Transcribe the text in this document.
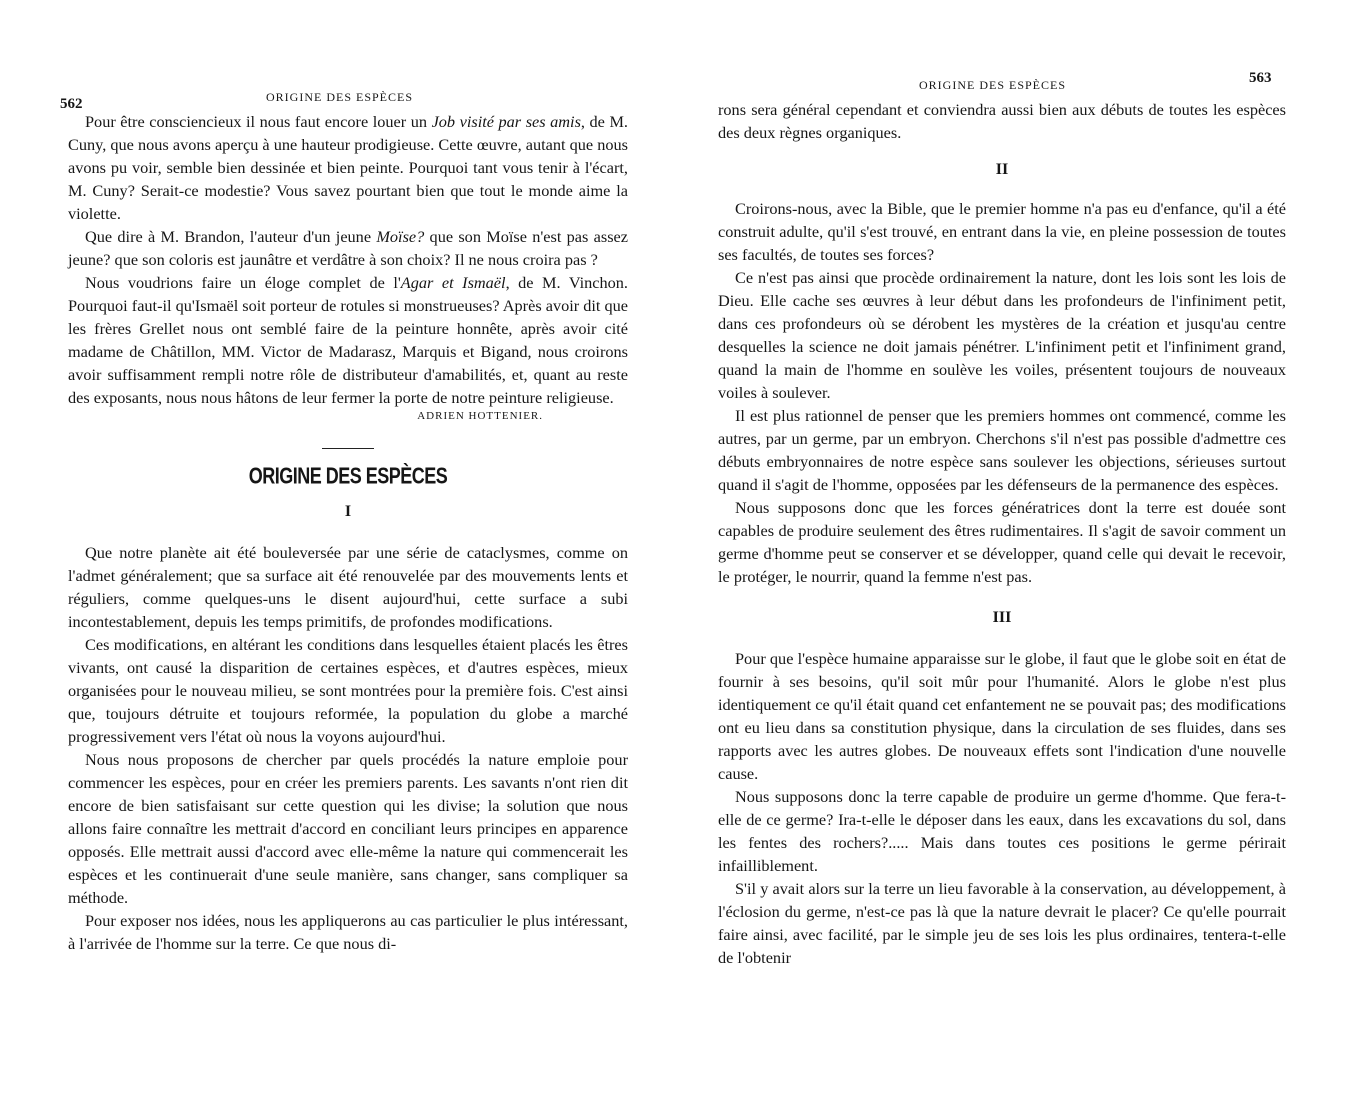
562	ORIGINE DES ESPÈCES

Pour être consciencieux il nous faut encore louer un Job visité par ses amis, de M. Cuny, que nous avons aperçu à une hauteur prodigieuse. Cette œuvre, autant que nous avons pu voir, semble bien dessinée et bien peinte. Pourquoi tant vous tenir à l'écart, M. Cuny? Serait-ce modestie? Vous savez pourtant bien que tout le monde aime la violette.

Que dire à M. Brandon, l'auteur d'un jeune Moïse? que son Moïse n'est pas assez jeune? que son coloris est jaunâtre et verdâtre à son choix? Il ne nous croira pas ?

Nous voudrions faire un éloge complet de l'Agar et Ismaël, de M. Vinchon. Pourquoi faut-il qu'Ismaël soit porteur de rotules si monstrueuses? Après avoir dit que les frères Grellet nous ont semblé faire de la peinture honnête, après avoir cité madame de Châtillon, MM. Victor de Madarasz, Marquis et Bigand, nous croirons avoir suffisamment rempli notre rôle de distributeur d'amabilités, et, quant au reste des exposants, nous nous hâtons de leur fermer la porte de notre peinture religieuse.

ADRIEN HOTTENIER.
ORIGINE DES ESPÈCES
I

Que notre planète ait été bouleversée par une série de cataclysmes, comme on l'admet généralement; que sa surface ait été renouvelée par des mouvements lents et réguliers, comme quelques-uns le disent aujourd'hui, cette surface a subi incontestablement, depuis les temps primitifs, de profondes modifications.

Ces modifications, en altérant les conditions dans lesquelles étaient placés les êtres vivants, ont causé la disparition de certaines espèces, et d'autres espèces, mieux organisées pour le nouveau milieu, se sont montrées pour la première fois. C'est ainsi que, toujours détruite et toujours reformée, la population du globe a marché progressivement vers l'état où nous la voyons aujourd'hui.

Nous nous proposons de chercher par quels procédés la nature emploie pour commencer les espèces, pour en créer les premiers parents. Les savants n'ont rien dit encore de bien satisfaisant sur cette question qui les divise; la solution que nous allons faire connaître les mettrait d'accord en conciliant leurs principes en apparence opposés. Elle mettrait aussi d'accord avec elle-même la nature qui commencerait les espèces et les continuerait d'une seule manière, sans changer, sans compliquer sa méthode.

Pour exposer nos idées, nous les appliquerons au cas particulier le plus intéressant, à l'arrivée de l'homme sur la terre. Ce que nous di-

ORIGINE DES ESPÈCES	563

rons sera général cependant et conviendra aussi bien aux débuts de toutes les espèces des deux règnes organiques.

II

Croirons-nous, avec la Bible, que le premier homme n'a pas eu d'enfance, qu'il a été construit adulte, qu'il s'est trouvé, en entrant dans la vie, en pleine possession de toutes ses facultés, de toutes ses forces?

Ce n'est pas ainsi que procède ordinairement la nature, dont les lois sont les lois de Dieu. Elle cache ses œuvres à leur début dans les profondeurs de l'infiniment petit, dans ces profondeurs où se dérobent les mystères de la création et jusqu'au centre desquelles la science ne doit jamais pénétrer. L'infiniment petit et l'infiniment grand, quand la main de l'homme en soulève les voiles, présentent toujours de nouveaux voiles à soulever.

Il est plus rationnel de penser que les premiers hommes ont commencé, comme les autres, par un germe, par un embryon. Cherchons s'il n'est pas possible d'admettre ces débuts embryonnaires de notre espèce sans soulever les objections, sérieuses surtout quand il s'agit de l'homme, opposées par les défenseurs de la permanence des espèces.

Nous supposons donc que les forces génératrices dont la terre est douée sont capables de produire seulement des êtres rudimentaires. Il s'agit de savoir comment un germe d'homme peut se conserver et se développer, quand celle qui devait le recevoir, le protéger, le nourrir, quand la femme n'est pas.

III

Pour que l'espèce humaine apparaisse sur le globe, il faut que le globe soit en état de fournir à ses besoins, qu'il soit mûr pour l'humanité. Alors le globe n'est plus identiquement ce qu'il était quand cet enfantement ne se pouvait pas; des modifications ont eu lieu dans sa constitution physique, dans la circulation de ses fluides, dans ses rapports avec les autres globes. De nouveaux effets sont l'indication d'une nouvelle cause.

Nous supposons donc la terre capable de produire un germe d'homme. Que fera-t-elle de ce germe? Ira-t-elle le déposer dans les eaux, dans les excavations du sol, dans les fentes des rochers?..... Mais dans toutes ces positions le germe périrait infailliblement.

S'il y avait alors sur la terre un lieu favorable à la conservation, au développement, à l'éclosion du germe, n'est-ce pas là que la nature devrait le placer? Ce qu'elle pourrait faire ainsi, avec facilité, par le simple jeu de ses lois les plus ordinaires, tentera-t-elle de l'obtenir
